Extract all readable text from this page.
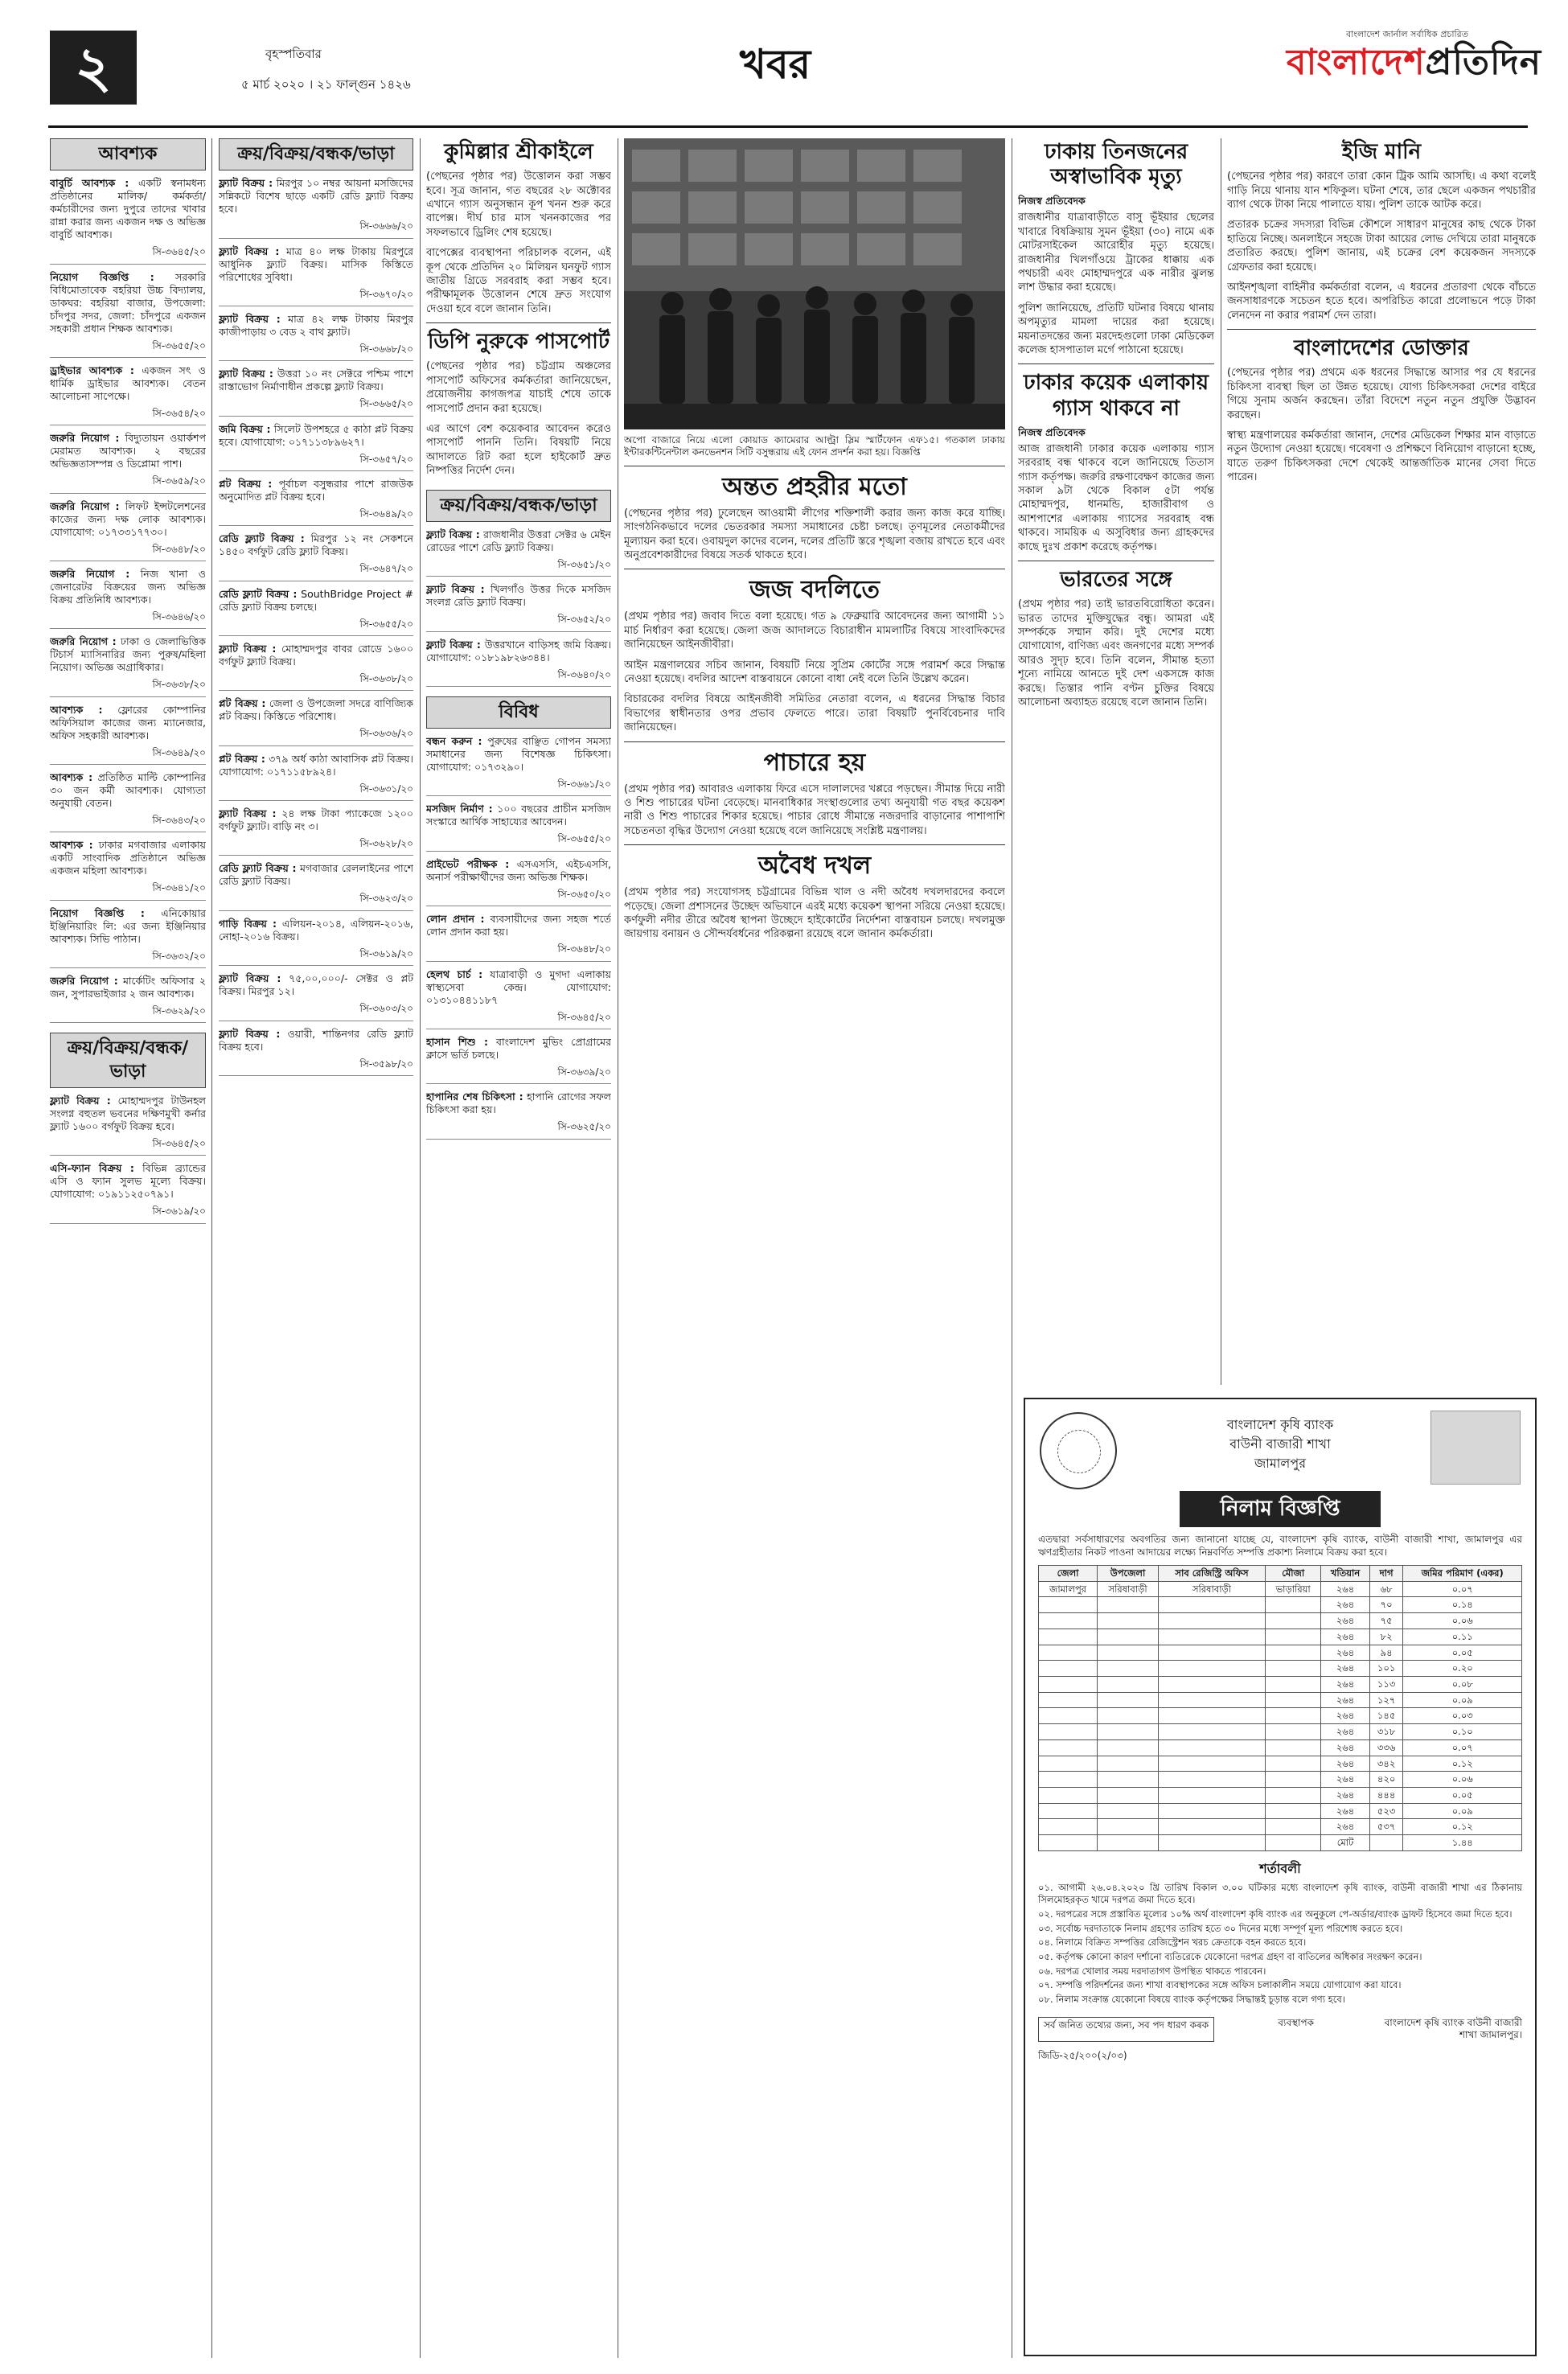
২	বৃহস্পতিবার
৫ মার্চ ২০২০ । ২১ ফাল্গুন ১৪২৬	খবর
বাংলাদেশ জার্নাল সর্বাধিক প্রচারিত
বাংলাদেশপ্রতিদিন
আবশ্যক

বাবুর্চি আবশ্যক : একটি স্বনামধন্য প্রতিষ্ঠানের মালিক/ কর্মকর্তা/ কর্মচারীদের জন্য দুপুরে তাদের খাবার রান্না করার জন্য একজন দক্ষ ও অভিজ্ঞ বাবুর্চি আবশ্যক।

সি-৩৬৪৫/২০

নিয়োগ বিজ্ঞপ্তি : সরকারি বিধিমোতাবেক বহরিয়া উচ্চ বিদ্যালয়, ডাকঘর: বহরিয়া বাজার, উপজেলা: চাঁদপুর সদর, জেলা: চাঁদপুরে একজন সহকারী প্রধান শিক্ষক আবশ্যক।

সি-৩৬৫৫/২০

ড্রাইভার আবশ্যক : একজন সৎ ও ধার্মিক ড্রাইভার আবশ্যক। বেতন আলোচনা সাপেক্ষে।

সি-৩৬৫৪/২০

জরুরি নিয়োগ : বিদ্যুতায়ন ওয়ার্কশপ মেরামত আবশ্যক। ২ বছরের অভিজ্ঞতাসম্পন্ন ও ডিপ্লোমা পাশ।

সি-৩৬৫৯/২০

জরুরি নিয়োগ : লিফট ইন্সটলেশনের কাজের জন্য দক্ষ লোক আবশ্যক। যোগাযোগ: ০১৭৩৩১৭৭৩০।

সি-৩৬৪৮/২০

জরুরি নিয়োগ : নিজ খানা ও জেনারেটর বিক্রয়ের জন্য অভিজ্ঞ বিক্রয় প্রতিনিধি আবশ্যক।

সি-৩৬৪৬/২০

জরুরি নিয়োগ : ঢাকা ও জেলাভিত্তিক টিচার্স ম্যাসিনারির জন্য পুরুষ/মহিলা নিয়োগ। অভিজ্ঞ অগ্রাধিকার।

সি-৩৬৩৮/২০

আবশ্যক : ফ্লোরের কোম্পানির অফিসিয়াল কাজের জন্য ম্যানেজার, অফিস সহকারী আবশ্যক।

সি-৩৬৪৯/২০

আবশ্যক : প্রতিষ্ঠিত মাল্টি কোম্পানির ৩০ জন কর্মী আবশ্যক। যোগ্যতা অনুযায়ী বেতন।

সি-৩৬৪৩/২০

আবশ্যক : ঢাকার মগবাজার এলাকায় একটি সাংবাদিক প্রতিষ্ঠানে অভিজ্ঞ একজন মহিলা আবশ্যক।

সি-৩৬৪১/২০

নিয়োগ বিজ্ঞপ্তি : এনিকোয়ার ইঞ্জিনিয়ারিং লি: এর জন্য ইঞ্জিনিয়ার আবশ্যক। সিভি পাঠান।

সি-৩৬৩২/২০

জরুরি নিয়োগ : মার্কেটিং অফিসার ২ জন, সুপারভাইজার ২ জন আবশ্যক।

সি-৩৬২৯/২০
ক্রয়/বিক্রয়/বন্ধক/ভাড়া

ফ্ল্যাট বিক্রয় : মোহাম্মদপুর টাউনহল সংলগ্ন বহুতল ভবনের দক্ষিণমুখী কর্নার ফ্ল্যাট ১৬০০ বর্গফুট বিক্রয় হবে।

সি-৩৬৪৫/২০

এসি-ফ্যান বিক্রয় : বিভিন্ন ব্র্যান্ডের এসি ও ফ্যান সুলভ মূল্যে বিক্রয়। যোগাযোগ: ০১৯১১২৫০৭৯১।

সি-৩৬১৯/২০
ক্রয়/বিক্রয়/বন্ধক/ভাড়া

ফ্ল্যাট বিক্রয় : মিরপুর ১০ নম্বর আয়না মসজিদের সন্নিকটে বিশেষ ছাড়ে একটি রেডি ফ্ল্যাট বিক্রয় হবে।

সি-৩৬৬৬/২০

ফ্ল্যাট বিক্রয় : মাত্র ৪০ লক্ষ টাকায় মিরপুরে আধুনিক ফ্ল্যাট বিক্রয়। মাসিক কিস্তিতে পরিশোধের সুবিধা।

সি-৩৬৭০/২০

ফ্ল্যাট বিক্রয় : মাত্র ৪২ লক্ষ টাকায় মিরপুর কাজীপাড়ায় ৩ বেড ২ বাথ ফ্ল্যাট।

সি-৩৬৬৮/২০

ফ্ল্যাট বিক্রয় : উত্তরা ১০ নং সেক্টরে পশ্চিম পাশে রাস্তাভোগ নির্মাণাধীন প্রকল্পে ফ্ল্যাট বিক্রয়।

সি-৩৬৬৫/২০

জমি বিক্রয় : সিলেট উপশহরে ৫ কাঠা প্লট বিক্রয় হবে। যোগাযোগ: ০১৭১১৩৮৯৬২৭।

সি-৩৬৫৭/২০

প্লট বিক্রয় : পূর্বাচল বসুন্ধরার পাশে রাজউক অনুমোদিত প্লট বিক্রয় হবে।

সি-৩৬৪৯/২০

রেডি ফ্ল্যাট বিক্রয় : মিরপুর ১২ নং সেকশনে ১৪৫০ বর্গফুট রেডি ফ্ল্যাট বিক্রয়।

সি-৩৬৪৭/২০

রেডি ফ্ল্যাট বিক্রয় : SouthBridge Project # রেডি ফ্ল্যাট বিক্রয় চলছে।

সি-৩৬৫৫/২০

ফ্ল্যাট বিক্রয় : মোহাম্মদপুর বাবর রোডে ১৬০০ বর্গফুট ফ্ল্যাট বিক্রয়।

সি-৩৬৩৮/২০

প্লট বিক্রয় : জেলা ও উপজেলা সদরে বাণিজ্যিক প্লট বিক্রয়। কিস্তিতে পরিশোধ।

সি-৩৬৩৬/২০

প্লট বিক্রয় : ৩৭৯ অর্ধ কাঠা আবাসিক প্লট বিক্রয়। যোগাযোগ: ০১৭১১৫৮৯২৪।

সি-৩৬৩১/২০

ফ্ল্যাট বিক্রয় : ২৪ লক্ষ টাকা প্যাকেজে ১২০০ বর্গফুট ফ্ল্যাট। বাড়ি নং ৩।

সি-৩৬২৮/২০

রেডি ফ্ল্যাট বিক্রয় : মগবাজার রেললাইনের পাশে রেডি ফ্ল্যাট বিক্রয়।

সি-৩৬২৩/২০

গাড়ি বিক্রয় : এলিয়ন-২০১৪, এলিয়ন-২০১৬, নোহা-২০১৬ বিক্রয়।

সি-৩৬১৯/২০

ফ্ল্যাট বিক্রয় : ৭৫,০০,০০০/- সেক্টর ও প্লট বিক্রয়। মিরপুর ১২।

সি-৩৬০৩/২০

ফ্ল্যাট বিক্রয় : ওয়ারী, শান্তিনগর রেডি ফ্ল্যাট বিক্রয় হবে।

সি-৩৫৯৮/২০
কুমিল্লার শ্রীকাইলে

(পেছনের পৃষ্ঠার পর) উত্তোলন করা সম্ভব হবে। সূত্র জানান, গত বছরের ২৮ অক্টোবর এখানে গ্যাস অনুসন্ধান কূপ খনন শুরু করে বাপেক্স। দীর্ঘ চার মাস খননকাজের পর সফলভাবে ড্রিলিং শেষ হয়েছে।

বাপেক্সের ব্যবস্থাপনা পরিচালক বলেন, এই কূপ থেকে প্রতিদিন ২০ মিলিয়ন ঘনফুট গ্যাস জাতীয় গ্রিডে সরবরাহ করা সম্ভব হবে। পরীক্ষামূলক উত্তোলন শেষে দ্রুত সংযোগ দেওয়া হবে বলে জানান তিনি।

ডিপি নুরুকে পাসপোর্ট

(পেছনের পৃষ্ঠার পর) চট্টগ্রাম অঞ্চলের পাসপোর্ট অফিসের কর্মকর্তারা জানিয়েছেন, প্রয়োজনীয় কাগজপত্র যাচাই শেষে তাকে পাসপোর্ট প্রদান করা হয়েছে।

এর আগে বেশ কয়েকবার আবেদন করেও পাসপোর্ট পাননি তিনি। বিষয়টি নিয়ে আদালতে রিট করা হলে হাইকোর্ট দ্রুত নিষ্পত্তির নির্দেশ দেন।

ক্রয়/বিক্রয়/বন্ধক/ভাড়া

ফ্ল্যাট বিক্রয় : রাজধানীর উত্তরা সেক্টর ৬ মেইন রোডের পাশে রেডি ফ্ল্যাট বিক্রয়।

সি-৩৬৫১/২০

ফ্ল্যাট বিক্রয় : খিলগাঁও উত্তর দিকে মসজিদ সংলগ্ন রেডি ফ্ল্যাট বিক্রয়।

সি-৩৬৫২/২০

ফ্ল্যাট বিক্রয় : উত্তরখানে বাড়িসহ জমি বিক্রয়। যোগাযোগ: ০১৮১৯৮২৬৩৪৪।

সি-৩৬৪০/২০
বিবিধ

বন্ধন করুন : পুরুষের বাঞ্ছিত গোপন সমস্যা সমাধানের জন্য বিশেষজ্ঞ চিকিৎসা। যোগাযোগ: ০১৭৩২৯০।

সি-৩৬৬১/২০

মসজিদ নির্মাণ : ১০০ বছরের প্রাচীন মসজিদ সংস্কারে আর্থিক সাহায্যের আবেদন।

সি-৩৬৫৫/২০

প্রাইভেট পরীক্ষক : এসএসসি, এইচএসসি, অনার্স পরীক্ষার্থীদের জন্য অভিজ্ঞ শিক্ষক।

সি-৩৬৫০/২০

লোন প্রদান : ব্যবসায়ীদের জন্য সহজ শর্তে লোন প্রদান করা হয়।

সি-৩৬৪৮/২০

হেলথ চার্চ : যাত্রাবাড়ী ও মুগদা এলাকায় স্বাস্থ্যসেবা কেন্দ্র। যোগাযোগ: ০১৩১০৪৪১১৮৭

সি-৩৬৪৫/২০

হাসান শিশু : বাংলাদেশ মুভিং প্রোগ্রামের ক্লাসে ভর্তি চলছে।

সি-৩৬৩৯/২০

হাপানির শেষ চিকিৎসা : হাপানি রোগের সফল চিকিৎসা করা হয়।

সি-৩৬২৫/২০

অপো বাজারে নিয়ে এলো কোয়াড ক্যামেরার আল্ট্রা স্লিম স্মার্টফোন এফ১৫। গতকাল ঢাকায় ইন্টারকন্টিনেন্টাল কনভেনশন সিটি বসুন্ধরায় এই ফোন প্রদর্শন করা হয়। বিজ্ঞপ্তি

অন্তত প্রহরীর মতো

(পেছনের পৃষ্ঠার পর) ঢুলেছেন আওয়ামী লীগের শক্তিশালী করার জন্য কাজ করে যাচ্ছি। সাংগঠনিকভাবে দলের ভেতরকার সমস্যা সমাধানের চেষ্টা চলছে। তৃণমূলের নেতাকর্মীদের মূল্যায়ন করা হবে। ওবায়দুল কাদের বলেন, দলের প্রতিটি স্তরে শৃঙ্খলা বজায় রাখতে হবে এবং অনুপ্রবেশকারীদের বিষয়ে সতর্ক থাকতে হবে।

জজ বদলিতে

(প্রথম পৃষ্ঠার পর) জবাব দিতে বলা হয়েছে। গত ৯ ফেব্রুয়ারি আবেদনের জন্য আগামী ১১ মার্চ নির্ধারণ করা হয়েছে। জেলা জজ আদালতে বিচারাধীন মামলাটির বিষয়ে সাংবাদিকদের জানিয়েছেন আইনজীবীরা।

আইন মন্ত্রণালয়ের সচিব জানান, বিষয়টি নিয়ে সুপ্রিম কোর্টের সঙ্গে পরামর্শ করে সিদ্ধান্ত নেওয়া হয়েছে। বদলির আদেশ বাস্তবায়নে কোনো বাধা নেই বলে তিনি উল্লেখ করেন।

বিচারকের বদলির বিষয়ে আইনজীবী সমিতির নেতারা বলেন, এ ধরনের সিদ্ধান্ত বিচার বিভাগের স্বাধীনতার ওপর প্রভাব ফেলতে পারে। তারা বিষয়টি পুনর্বিবেচনার দাবি জানিয়েছেন।

পাচারে হয়

(প্রথম পৃষ্ঠার পর) আবারও এলাকায় ফিরে এসে দালালদের খপ্পরে পড়ছেন। সীমান্ত দিয়ে নারী ও শিশু পাচারের ঘটনা বেড়েছে। মানবাধিকার সংস্থাগুলোর তথ্য অনুযায়ী গত বছর কয়েকশ নারী ও শিশু পাচারের শিকার হয়েছে। পাচার রোধে সীমান্তে নজরদারি বাড়ানোর পাশাপাশি সচেতনতা বৃদ্ধির উদ্যোগ নেওয়া হয়েছে বলে জানিয়েছে সংশ্লিষ্ট মন্ত্রণালয়।

অবৈধ দখল

(প্রথম পৃষ্ঠার পর) সংযোগসহ চট্টগ্রামের বিভিন্ন খাল ও নদী অবৈধ দখলদারদের কবলে পড়েছে। জেলা প্রশাসনের উচ্ছেদ অভিযানে এরই মধ্যে কয়েকশ স্থাপনা সরিয়ে নেওয়া হয়েছে। কর্ণফুলী নদীর তীরে অবৈধ স্থাপনা উচ্ছেদে হাইকোর্টের নির্দেশনা বাস্তবায়ন চলছে। দখলমুক্ত জায়গায় বনায়ন ও সৌন্দর্যবর্ধনের পরিকল্পনা রয়েছে বলে জানান কর্মকর্তারা।

ঢাকায় তিনজনের অস্বাভাবিক মৃত্যু
নিজস্ব প্রতিবেদক

রাজধানীর যাত্রাবাড়ীতে বাসু ভূঁইয়ার ছেলের খাবারে বিষক্রিয়ায় সুমন ভূঁইয়া (৩০) নামে এক মোটরসাইকেল আরোহীর মৃত্যু হয়েছে। রাজধানীর খিলগাঁওয়ে ট্রাকের ধাক্কায় এক পথচারী এবং মোহাম্মদপুরে এক নারীর ঝুলন্ত লাশ উদ্ধার করা হয়েছে।

পুলিশ জানিয়েছে, প্রতিটি ঘটনার বিষয়ে থানায় অপমৃত্যুর মামলা দায়ের করা হয়েছে। ময়নাতদন্তের জন্য মরদেহগুলো ঢাকা মেডিকেল কলেজ হাসপাতাল মর্গে পাঠানো হয়েছে।

ঢাকার কয়েক এলাকায় গ্যাস থাকবে না
নিজস্ব প্রতিবেদক

আজ রাজধানী ঢাকার কয়েক এলাকায় গ্যাস সরবরাহ বন্ধ থাকবে বলে জানিয়েছে তিতাস গ্যাস কর্তৃপক্ষ। জরুরি রক্ষণাবেক্ষণ কাজের জন্য সকাল ৯টা থেকে বিকাল ৫টা পর্যন্ত মোহাম্মদপুর, ধানমন্ডি, হাজারীবাগ ও আশপাশের এলাকায় গ্যাসের সরবরাহ বন্ধ থাকবে। সাময়িক এ অসুবিধার জন্য গ্রাহকদের কাছে দুঃখ প্রকাশ করেছে কর্তৃপক্ষ।

ভারতের সঙ্গে

(প্রথম পৃষ্ঠার পর) তাই ভারতবিরোধিতা করেন। ভারত তাদের মুক্তিযুদ্ধের বন্ধু। আমরা এই সম্পর্ককে সম্মান করি। দুই দেশের মধ্যে যোগাযোগ, বাণিজ্য এবং জনগণের মধ্যে সম্পর্ক আরও সুদৃঢ় হবে। তিনি বলেন, সীমান্ত হত্যা শূন্যে নামিয়ে আনতে দুই দেশ একসঙ্গে কাজ করছে। তিস্তার পানি বণ্টন চুক্তির বিষয়ে আলোচনা অব্যাহত রয়েছে বলে জানান তিনি।

ইজি মানি

(পেছনের পৃষ্ঠার পর) কারণে তারা কোন ট্রিক আমি আসছি। এ কথা বলেই গাড়ি নিয়ে থানায় যান শফিকুল। ঘটনা শেষে, তার ছেলে একজন পথচারীর ব্যাগ থেকে টাকা নিয়ে পালাতে যায়। পুলিশ তাকে আটক করে।

প্রতারক চক্রের সদস্যরা বিভিন্ন কৌশলে সাধারণ মানুষের কাছ থেকে টাকা হাতিয়ে নিচ্ছে। অনলাইনে সহজে টাকা আয়ের লোভ দেখিয়ে তারা মানুষকে প্রতারিত করছে। পুলিশ জানায়, এই চক্রের বেশ কয়েকজন সদস্যকে গ্রেফতার করা হয়েছে।

আইনশৃঙ্খলা বাহিনীর কর্মকর্তারা বলেন, এ ধরনের প্রতারণা থেকে বাঁচতে জনসাধারণকে সচেতন হতে হবে। অপরিচিত কারো প্রলোভনে পড়ে টাকা লেনদেন না করার পরামর্শ দেন তারা।

বাংলাদেশের ডোক্তার

(পেছনের পৃষ্ঠার পর) প্রথমে এক ধরনের সিদ্ধান্তে আসার পর যে ধরনের চিকিৎসা ব্যবস্থা ছিল তা উন্নত হয়েছে। যোগ্য চিকিৎসকরা দেশের বাইরে গিয়ে সুনাম অর্জন করছেন। তাঁরা বিদেশে নতুন নতুন প্রযুক্তি উদ্ভাবন করছেন।

স্বাস্থ্য মন্ত্রণালয়ের কর্মকর্তারা জানান, দেশের মেডিকেল শিক্ষার মান বাড়াতে নতুন উদ্যোগ নেওয়া হয়েছে। গবেষণা ও প্রশিক্ষণে বিনিয়োগ বাড়ানো হচ্ছে, যাতে তরুণ চিকিৎসকরা দেশে থেকেই আন্তর্জাতিক মানের সেবা দিতে পারেন।

বাংলাদেশ কৃষি ব্যাংক
বাউনী বাজারী শাখা
জামালপুর
নিলাম বিজ্ঞপ্তি

এতদ্বারা সর্বসাধারণের অবগতির জন্য জানানো যাচ্ছে যে, বাংলাদেশ কৃষি ব্যাংক, বাউনী বাজারী শাখা, জামালপুর এর ঋণগ্রহীতার নিকট পাওনা আদায়ের লক্ষ্যে নিম্নবর্ণিত সম্পত্তি প্রকাশ্য নিলামে বিক্রয় করা হবে।

জেলা	উপজেলা	সাব রেজিস্ট্রি অফিস	মৌজা	খতিয়ান	দাগ	জমির পরিমাণ (একর)
জামালপুর	সরিষাবাড়ী	সরিষাবাড়ী	ভাড়ারিয়া	২৬৪	৬৮	০.০৭
				২৬৪	৭০	০.১৪
				২৬৪	৭৫	০.০৬
				২৬৪	৮২	০.১১
				২৬৪	৯৪	০.০৫
				২৬৪	১০১	০.২০
				২৬৪	১১৩	০.০৮
				২৬৪	১২৭	০.০৯
				২৬৪	১৪৫	০.০৩
				২৬৪	৩১৮	০.১০
				২৬৪	৩৩৬	০.০৭
				২৬৪	৩৪২	০.১২
				২৬৪	৪২০	০.০৬
				২৬৪	৪৪৪	০.০৫
				২৬৪	৫২৩	০.০৯
				২৬৪	৫৩৭	০.১২
				মোট		১.৪৪
শর্তাবলী
০১. আগামী ২৬.০৪.২০২০ খ্রি তারিখ বিকাল ৩.০০ ঘটিকার মধ্যে বাংলাদেশ কৃষি ব্যাংক, বাউনী বাজারী শাখা এর ঠিকানায় সিলমোহরকৃত খামে দরপত্র জমা দিতে হবে।
০২. দরপত্রের সঙ্গে প্রস্তাবিত মূল্যের ১০% অর্থ বাংলাদেশ কৃষি ব্যাংক এর অনুকূলে পে-অর্ডার/ব্যাংক ড্রাফট হিসেবে জমা দিতে হবে।
০৩. সর্বোচ্চ দরদাতাকে নিলাম গ্রহণের তারিখ হতে ৩০ দিনের মধ্যে সম্পূর্ণ মূল্য পরিশোধ করতে হবে।
০৪. নিলামে বিক্রিত সম্পত্তির রেজিস্ট্রেশন খরচ ক্রেতাকে বহন করতে হবে।
০৫. কর্তৃপক্ষ কোনো কারণ দর্শানো ব্যতিরেকে যেকোনো দরপত্র গ্রহণ বা বাতিলের অধিকার সংরক্ষণ করেন।
০৬. দরপত্র খোলার সময় দরদাতাগণ উপস্থিত থাকতে পারবেন।
০৭. সম্পত্তি পরিদর্শনের জন্য শাখা ব্যবস্থাপকের সঙ্গে অফিস চলাকালীন সময়ে যোগাযোগ করা যাবে।
০৮. নিলাম সংক্রান্ত যেকোনো বিষয়ে ব্যাংক কর্তৃপক্ষের সিদ্ধান্তই চূড়ান্ত বলে গণ্য হবে।
সর্ব জনিত তথ্যের জন্য, সব পদ ধারণ কৰক	ব্যবস্থাপক	বাংলাদেশ কৃষি ব্যাংক বাউনী বাজারী শাখা জামালপুর।
জিডি-২৫/২০০(২/০৩)
